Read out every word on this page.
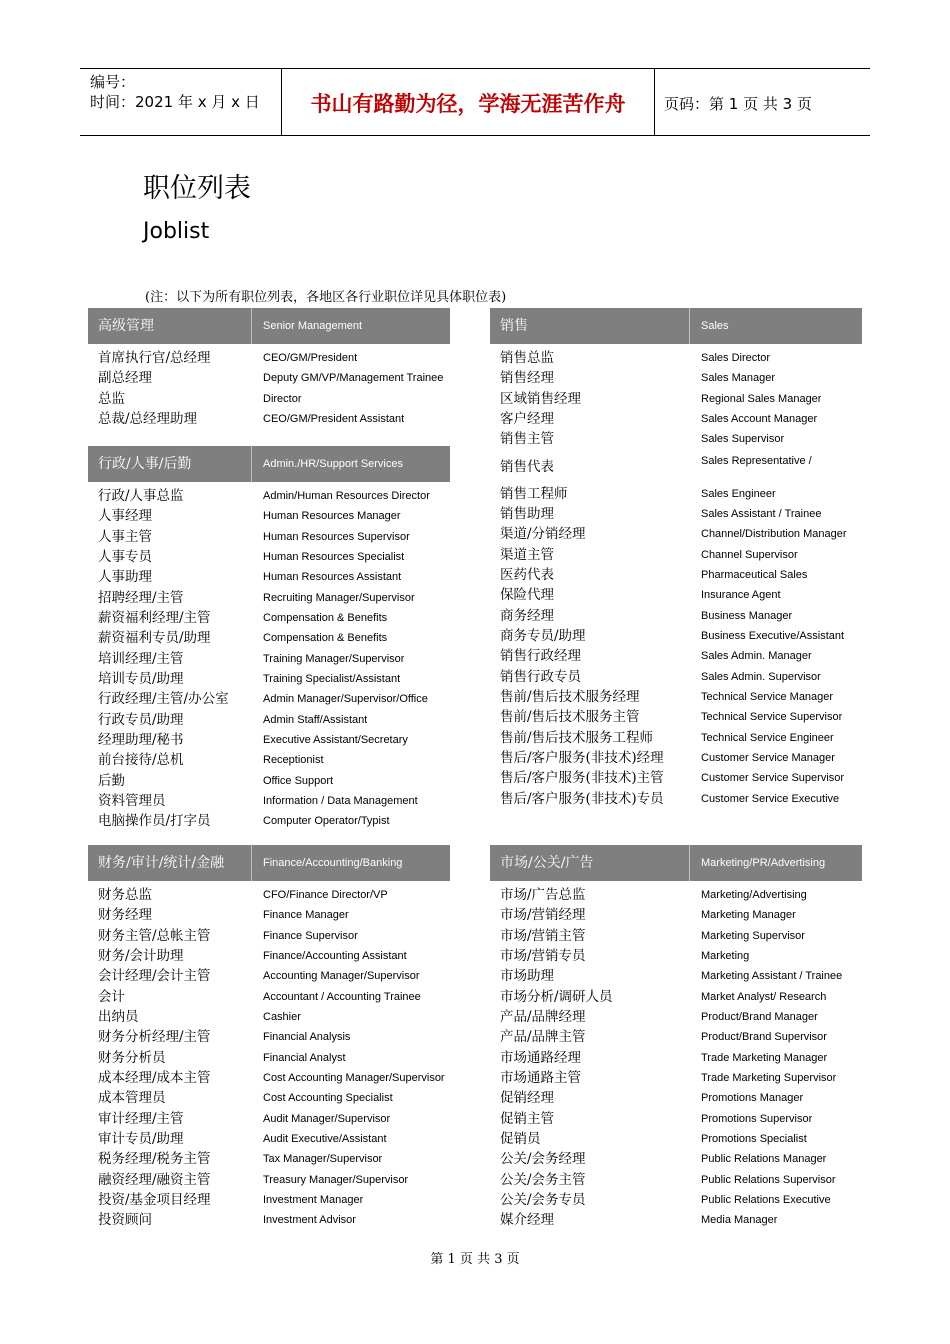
编号：
时间：2021 年 x 月 x 日	书山有路勤为径，学海无涯苦作舟	页码：第 1 页 共 3 页
职位列表
Joblist
(注：以下为所有职位列表，各地区各行业职位详见具体职位表)
高级管理	Senior Management
首席执行官/总经理	CEO/GM/President
副总经理	Deputy GM/VP/Management Trainee
总监	Director
总裁/总经理助理	CEO/GM/President Assistant
行政/人事/后勤	Admin./HR/Support Services
行政/人事总监	Admin/Human Resources Director
人事经理	Human Resources Manager
人事主管	Human Resources Supervisor
人事专员	Human Resources Specialist
人事助理	Human Resources Assistant
招聘经理/主管	Recruiting Manager/Supervisor
薪资福利经理/主管	Compensation & Benefits
薪资福利专员/助理	Compensation & Benefits
培训经理/主管	Training Manager/Supervisor
培训专员/助理	Training Specialist/Assistant
行政经理/主管/办公室	Admin Manager/Supervisor/Office
行政专员/助理	Admin Staff/Assistant
经理助理/秘书	Executive Assistant/Secretary
前台接待/总机	Receptionist
后勤	Office Support
资料管理员	Information / Data Management
电脑操作员/打字员	Computer Operator/Typist
财务/审计/统计/金融	Finance/Accounting/Banking
财务总监	CFO/Finance Director/VP
财务经理	Finance Manager
财务主管/总帐主管	Finance Supervisor
财务/会计助理	Finance/Accounting Assistant
会计经理/会计主管	Accounting Manager/Supervisor
会计	Accountant / Accounting Trainee
出纳员	Cashier
财务分析经理/主管	Financial Analysis
财务分析员	Financial Analyst
成本经理/成本主管	Cost Accounting Manager/Supervisor
成本管理员	Cost Accounting Specialist
审计经理/主管	Audit Manager/Supervisor
审计专员/助理	Audit Executive/Assistant
税务经理/税务主管	Tax Manager/Supervisor
融资经理/融资主管	Treasury Manager/Supervisor
投资/基金项目经理	Investment Manager
投资顾问	Investment Advisor
销售	Sales
销售总监	Sales Director
销售经理	Sales Manager
区域销售经理	Regional Sales Manager
客户经理	Sales Account Manager
销售主管	Sales Supervisor
销售代表	Sales Representative /
销售工程师	Sales Engineer
销售助理	Sales Assistant / Trainee
渠道/分销经理	Channel/Distribution Manager
渠道主管	Channel Supervisor
医药代表	Pharmaceutical Sales
保险代理	Insurance Agent
商务经理	Business Manager
商务专员/助理	Business Executive/Assistant
销售行政经理	Sales Admin. Manager
销售行政专员	Sales Admin. Supervisor
售前/售后技术服务经理	Technical Service Manager
售前/售后技术服务主管	Technical Service Supervisor
售前/售后技术服务工程师	Technical Service Engineer
售后/客户服务(非技术)经理	Customer Service Manager
售后/客户服务(非技术)主管	Customer Service Supervisor
售后/客户服务(非技术)专员	Customer Service Executive
市场/公关/广告	Marketing/PR/Advertising
市场/广告总监	Marketing/Advertising
市场/营销经理	Marketing Manager
市场/营销主管	Marketing Supervisor
市场/营销专员	Marketing
市场助理	Marketing Assistant / Trainee
市场分析/调研人员	Market Analyst/ Research
产品/品牌经理	Product/Brand Manager
产品/品牌主管	Product/Brand Supervisor
市场通路经理	Trade Marketing Manager
市场通路主管	Trade Marketing Supervisor
促销经理	Promotions Manager
促销主管	Promotions Supervisor
促销员	Promotions Specialist
公关/会务经理	Public Relations Manager
公关/会务主管	Public Relations Supervisor
公关/会务专员	Public Relations Executive
媒介经理	Media Manager
第 1 页 共 3 页
